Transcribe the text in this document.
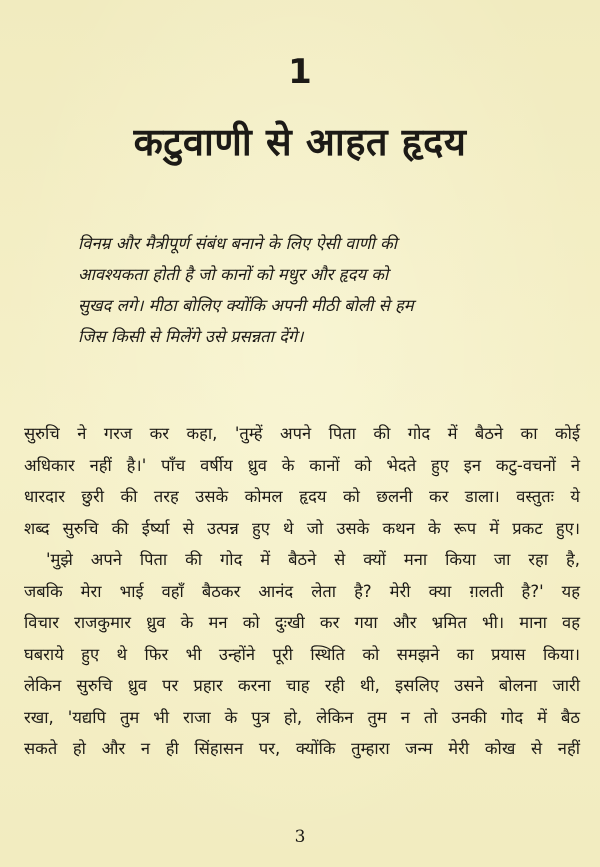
1
कटुवाणी से आहत हृदय

विनम्र और मैत्रीपूर्ण संबंध बनाने के लिए ऐसी वाणी की

आवश्यकता होती है जो कानों को मधुर और हृदय को

सुखद लगे। मीठा बोलिए क्योंकि अपनी मीठी बोली से हम

जिस किसी से मिलेंगे उसे प्रसन्नता देंगे।

सुरुचि ने गरज कर कहा, 'तुम्हें अपने पिता की गोद में बैठने का कोई
अधिकार नहीं है।' पाँच वर्षीय ध्रुव के कानों को भेदते हुए इन कटु-वचनों ने
धारदार छुरी की तरह उसके कोमल हृदय को छलनी कर डाला। वस्तुतः ये
शब्द सुरुचि की ईर्ष्या से उत्पन्न हुए थे जो उसके कथन के रूप में प्रकट हुए।
'मुझे अपने पिता की गोद में बैठने से क्यों मना किया जा रहा है,
जबकि मेरा भाई वहाँ बैठकर आनंद लेता है? मेरी क्या ग़लती है?' यह
विचार राजकुमार ध्रुव के मन को दुःखी कर गया और भ्रमित भी। माना वह
घबराये हुए थे फिर भी उन्होंने पूरी स्थिति को समझने का प्रयास किया।
लेकिन सुरुचि ध्रुव पर प्रहार करना चाह रही थी, इसलिए उसने बोलना जारी
रखा, 'यद्यपि तुम भी राजा के पुत्र हो, लेकिन तुम न तो उनकी गोद में बैठ
सकते हो और न ही सिंहासन पर, क्योंकि तुम्हारा जन्म मेरी कोख से नहीं
3
